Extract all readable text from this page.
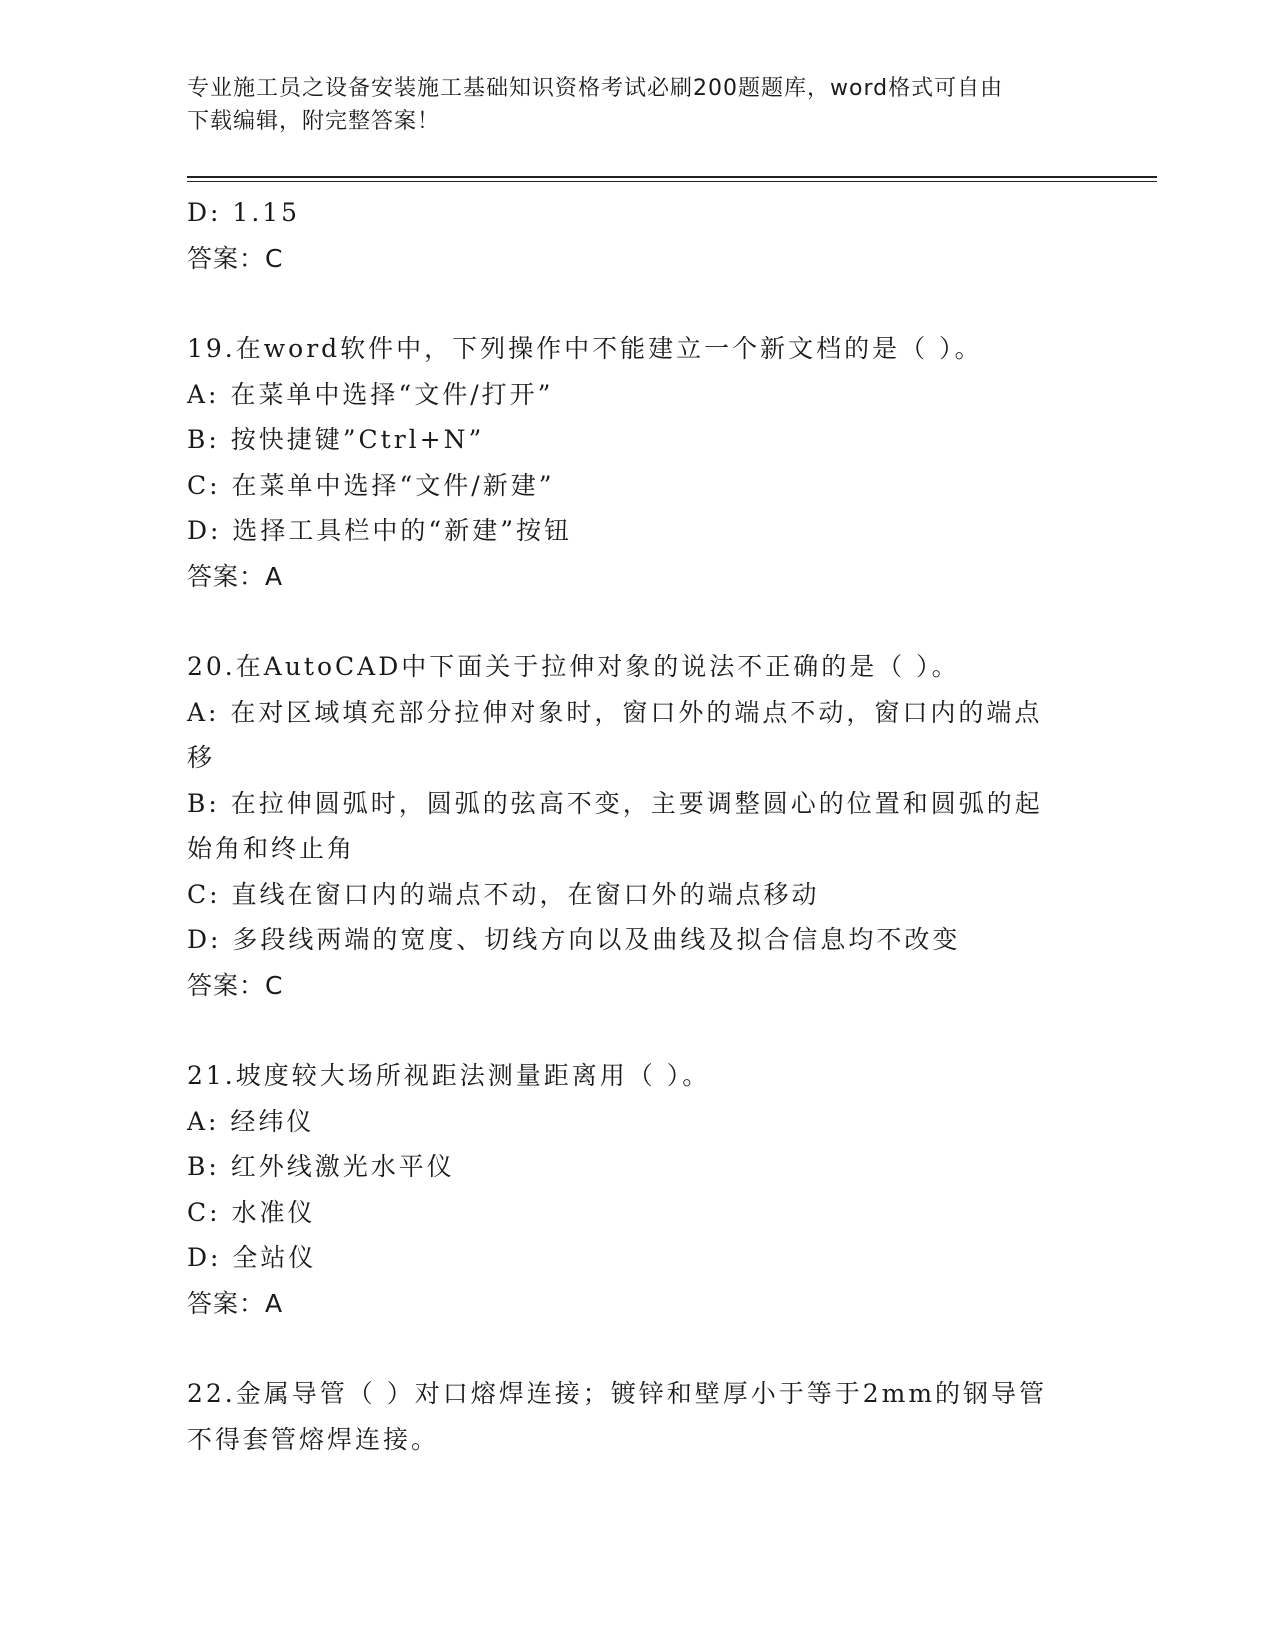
专业施工员之设备安装施工基础知识资格考试必刷200题题库，word格式可自由
下载编辑，附完整答案！
D: 1.15
答案：C
19.在word软件中，下列操作中不能建立一个新文档的是（ ）。
A: 在菜单中选择“文件/打开”
B: 按快捷键”Ctrl+N”
C: 在菜单中选择“文件/新建”
D: 选择工具栏中的“新建”按钮
答案：A
20.在AutoCAD中下面关于拉伸对象的说法不正确的是（ ）。
A: 在对区域填充部分拉伸对象时，窗口外的端点不动，窗口内的端点
移
B: 在拉伸圆弧时，圆弧的弦高不变，主要调整圆心的位置和圆弧的起
始角和终止角
C: 直线在窗口内的端点不动，在窗口外的端点移动
D: 多段线两端的宽度、切线方向以及曲线及拟合信息均不改变
答案：C
21.坡度较大场所视距法测量距离用（ ）。
A: 经纬仪
B: 红外线激光水平仪
C: 水准仪
D: 全站仪
答案：A
22.金属导管（ ）对口熔焊连接；镀锌和壁厚小于等于2mm的钢导管
不得套管熔焊连接。
